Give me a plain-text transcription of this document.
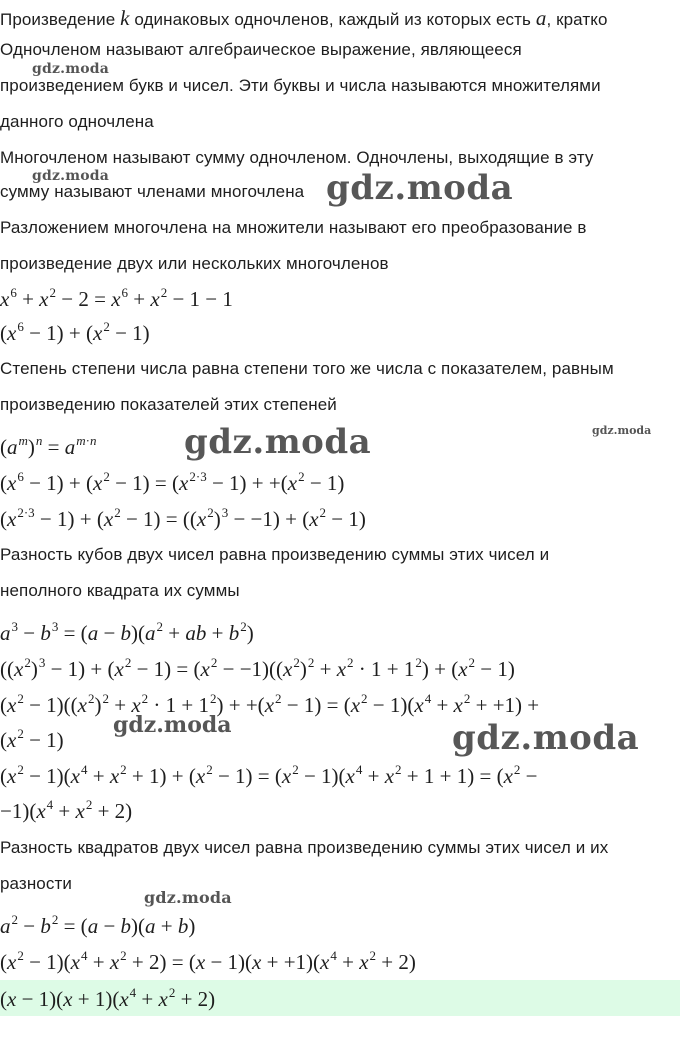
Произведение k одинаковых одночленов, каждый из которых есть a, кратко
Одночленом называют алгебраическое выражение, являющееся
произведением букв и чисел. Эти буквы и числа называются множителями
данного одночлена
Многочленом называют сумму одночленом. Одночлены, выходящие в эту
сумму называют членами многочлена
Разложением многочлена на множители называют его преобразование в
произведение двух или нескольких многочленов
$x^6 + x^2 - 2 = x^6 + x^2 - 1 - 1$
$(x^6 - 1) + (x^2 - 1)$
Степень степени числа равна степени того же числа с показателем, равным
произведению показателей этих степеней
$(a^m)^n = a^{m\cdot n}$
$(x^6 - 1) + (x^2 - 1) = (x^{2\cdot 3} - 1) + +(x^2 - 1)$
$(x^{2\cdot 3} - 1) + (x^2 - 1) = ((x^2)^3 - -1) + (x^2 - 1)$
Разность кубов двух чисел равна произведению суммы этих чисел и
неполного квадрата их суммы
$a^3 - b^3 = (a - b)(a^2$ + ab + $b^2$)
$((x^2)^3 - 1) + (x^2 - 1) = (x^2 - -1)((x^2)^2 + x^2 \cdot 1 + 1^2) + (x^2 - 1)$
$(x^2 - 1)((x^2)^2 + x^2 \cdot 1 + 1^2) + +(x^2 - 1) = (x^2 - 1)(x^4 + x^2 + +1)$ +
$(x^2 - 1)$
$(x^2 - 1)(x^4 + x^2 + 1) + (x^2 - 1) = (x^2 - 1)(x^4 + x^2 + 1 + 1) = (x^2$ −
$-1)(x^4 + x^2 + 2)$
Разность квадратов двух чисел равна произведению суммы этих чисел и их
разности
$a^2 - b^2 = (a - b)(a + b)$
$(x^2 - 1)(x^4 + x^2 + 2) = (x - 1)(x + +1)(x^4 + x^2 + 2)$
$(x - 1)(x + 1)(x^4 + x^2 + 2)$
gdz.moda
gdz.moda	gdz.moda
gdz.moda	gdz.moda
gdz.moda	gdz.moda
gdz.moda
